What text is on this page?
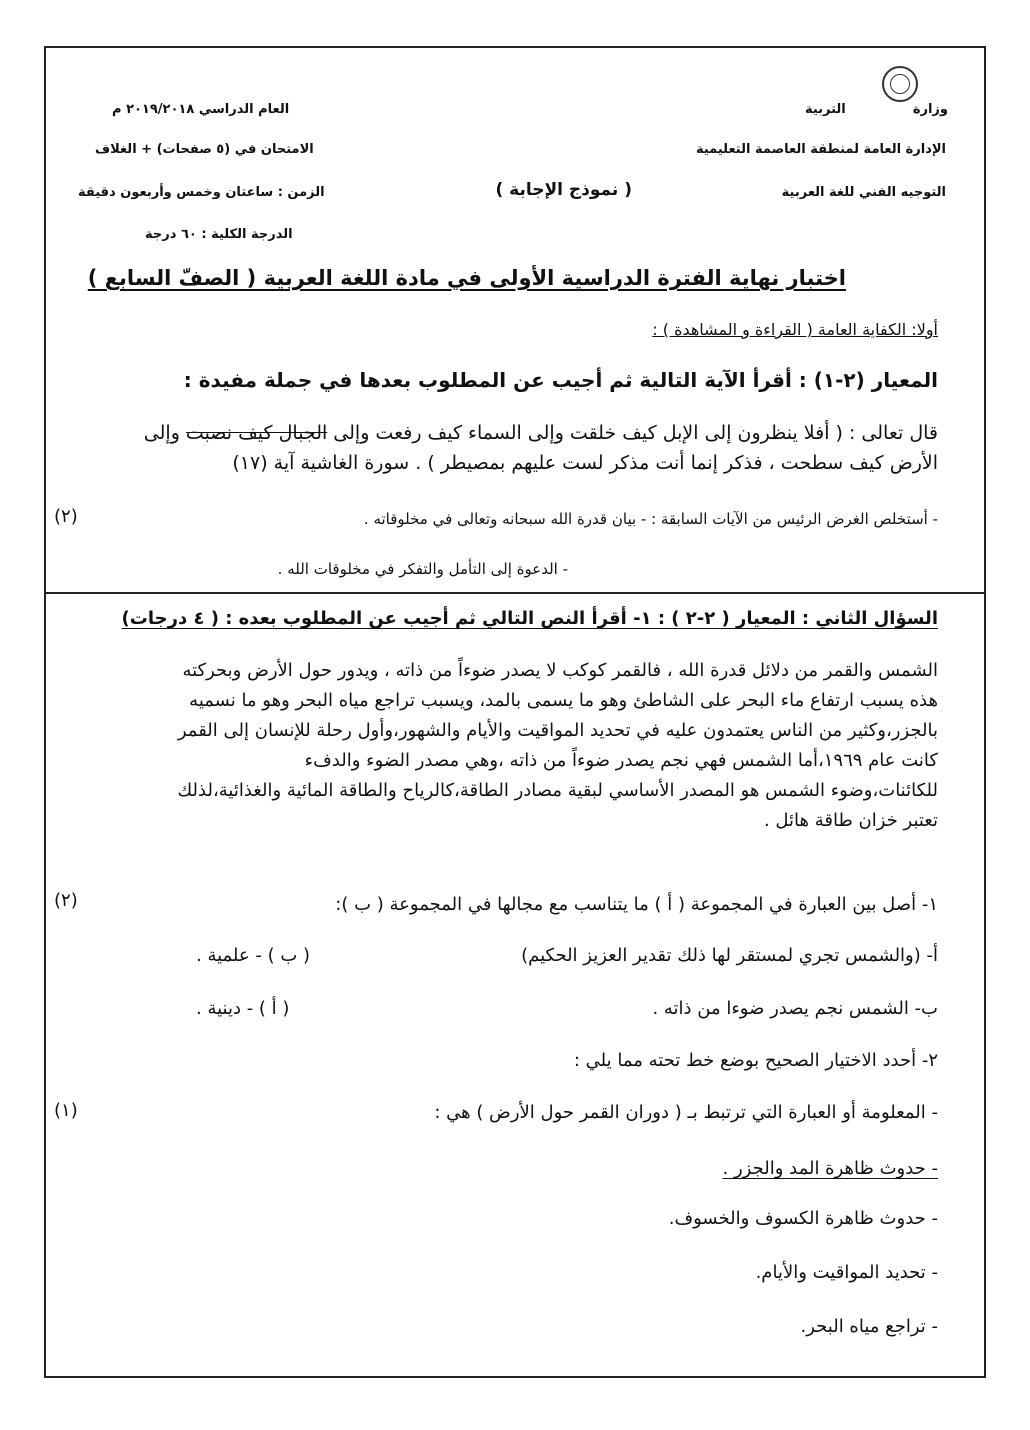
وزارة  التربية
الإدارة العامة لمنطقة العاصمة التعليمية
التوجيه الفني للغة العربية
( نموذج الإجابة )
العام الدراسي ٢٠١٩/٢٠١٨ م
الامتحان في (٥ صفحات) + الغلاف
الزمن : ساعتان وخمس وأربعون دقيقة
الدرجة الكلية : ٦٠ درجة
اختبار نهاية الفترة الدراسية الأولى في مادة اللغة العربية ( الصفّ السابع )
أولا: الكفاية العامة ( القراءة و المشاهدة ) :
المعيار (٢-١) : أقرأ الآية التالية ثم أجيب عن المطلوب بعدها في جملة مفيدة :
قال تعالى : ( أفلا ينظرون إلى الإبل كيف خلقت وإلى السماء كيف رفعت وإلى الجبال كيف نصبت وإلى
الأرض كيف سطحت ، فذكر إنما أنت مذكر لست عليهم بمصيطر ) . سورة الغاشية آية (١٧)
- أستخلص الغرض الرئيس من الآيات السابقة : - بيان قدرة الله سبحانه وتعالى في مخلوقاته .
(٢)
- الدعوة إلى التأمل والتفكر في مخلوقات الله .
السؤال الثاني : المعيار ( ٢-٢ ) : ١- أقرأ النص التالي ثم أجيب عن المطلوب بعده : ( ٤ درجات)
الشمس والقمر من دلائل قدرة الله ، فالقمر كوكب لا يصدر ضوءاً من ذاته ، ويدور حول الأرض وبحركته
هذه يسبب ارتفاع ماء البحر على الشاطئ وهو ما يسمى بالمد، ويسبب تراجع مياه البحر وهو ما نسميه
بالجزر،وكثير من الناس يعتمدون عليه في تحديد المواقيت والأيام والشهور،وأول رحلة للإنسان إلى القمر
كانت عام ١٩٦٩،أما الشمس فهي نجم يصدر ضوءاً من ذاته ،وهي مصدر الضوء والدفء
للكائنات،وضوء الشمس هو المصدر الأساسي لبقية مصادر الطاقة،كالرياح والطاقة المائية والغذائية،لذلك
تعتبر خزان طاقة هائل .
١- أصل بين العبارة في المجموعة ( أ ) ما يتناسب مع مجالها في المجموعة ( ب ):
(٢)
أ- (والشمس تجري لمستقر لها ذلك تقدير العزيز الحكيم)
( ب ) - علمية .
ب- الشمس نجم يصدر ضوءا من ذاته .
( أ ) - دينية .
٢- أحدد الاختيار الصحيح بوضع خط تحته مما يلي :
- المعلومة أو العبارة التي ترتبط بـ ( دوران القمر حول الأرض ) هي :
(١)
- حدوث ظاهرة المد والجزر .
- حدوث ظاهرة الكسوف والخسوف.
- تحديد المواقيت والأيام.
- تراجع مياه البحر.
